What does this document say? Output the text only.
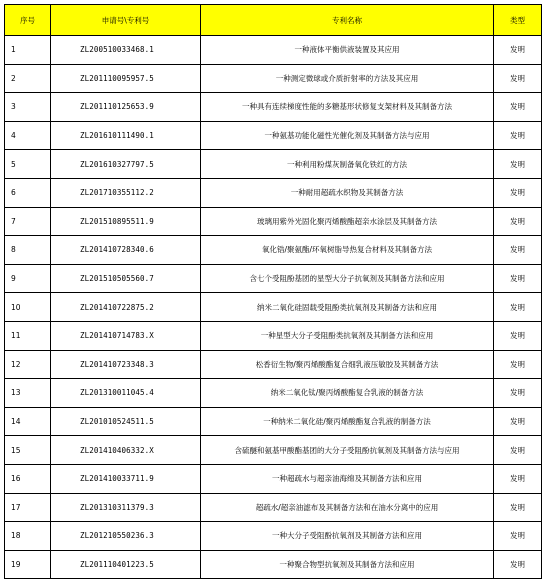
序号	申请号\专利号	专利名称	类型
1	ZL200510033468.1	一种液体平衡供液装置及其应用	发明
2	ZL201110095957.5	一种测定微球或介质折射率的方法及其应用	发明
3	ZL201110125653.9	一种具有连续梯度性能的多糖基形状修复支架材料及其制备方法	发明
4	ZL201610111490.1	一种氨基功能化磁性光催化剂及其制备方法与应用	发明
5	ZL201610327797.5	一种利用粉煤灰制备氧化铁红的方法	发明
6	ZL201710355112.2	一种耐用超疏水织物及其制备方法	发明
7	ZL201510895511.9	玻璃用紫外光固化聚丙烯酸酯超亲水涂层及其制备方法	发明
8	ZL201410728340.6	氧化锆/聚氨酯/环氧树脂导热复合材料及其制备方法	发明
9	ZL201510505560.7	含七个受阻酚基团的星型大分子抗氧剂及其制备方法和应用	发明
10	ZL201410722875.2	纳米二氧化硅固载受阻酚类抗氧剂及其制备方法和应用	发明
11	ZL201410714783.X	一种星型大分子受阻酚类抗氧剂及其制备方法和应用	发明
12	ZL201410723348.3	松香衍生物/聚丙烯酸酯复合细乳液压敏胶及其制备方法	发明
13	ZL201310011045.4	纳米二氧化钛/聚丙烯酸酯复合乳液的制备方法	发明
14	ZL201010524511.5	一种纳米二氧化硅/聚丙烯酸酯复合乳液的制备方法	发明
15	ZL201410406332.X	含硫醚和氨基甲酸酯基团的大分子受阻酚抗氧剂及其制备方法与应用	发明
16	ZL201410033711.9	一种超疏水与超亲油海绵及其制备方法和应用	发明
17	ZL201310311379.3	超疏水/超亲油滤布及其制备方法和在油水分离中的应用	发明
18	ZL201210550236.3	一种大分子受阻酚抗氧剂及其制备方法和应用	发明
19	ZL201110401223.5	一种聚合物型抗氧剂及其制备方法和应用	发明
